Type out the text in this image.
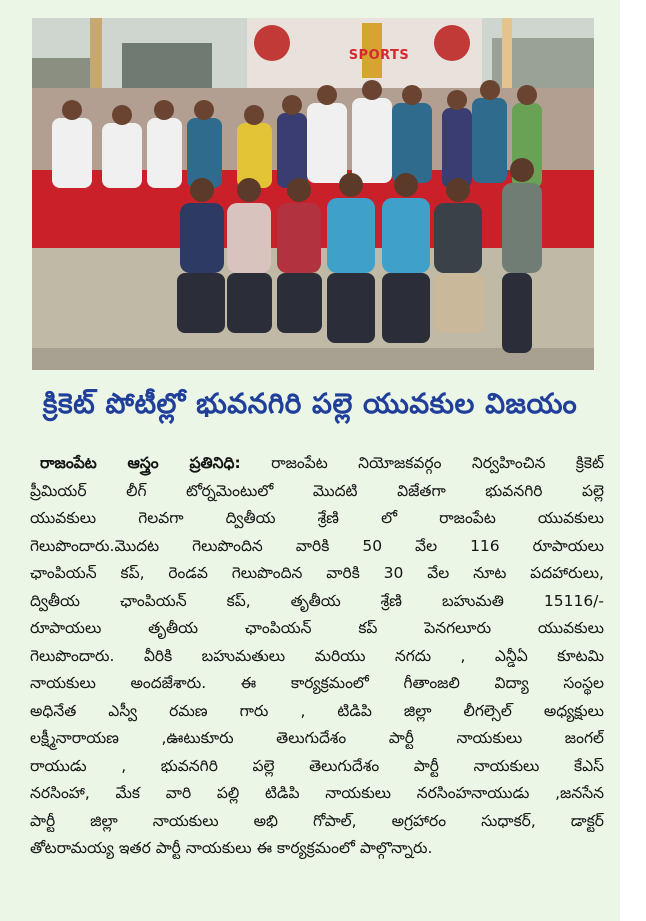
SPORTS
క్రికెట్ పోటీల్లో భువనగిరి పల్లె యువకుల విజయం
రాజంపేట ఆస్త్రం ప్రతినిధి: రాజంపేట నియోజకవర్గం నిర్వహించిన క్రికెట్
ప్రీమియర్ లీగ్ టోర్నమెంటులో మొదటి విజేతగా భువనగిరి పల్లె
యువకులు గెలవగా ద్వితీయ శ్రేణి లో రాజంపేట యువకులు
గెలుపొందారు.మొదట గెలుపొందిన వారికి 50 వేల 116 రూపాయలు
ఛాంపియన్ కప్, రెండవ గెలుపొందిన వారికి 30 వేల నూట పదహారులు,
ద్వితీయ ఛాంపియన్ కప్, తృతీయ శ్రేణి బహుమతి 15116/-
రూపాయలు తృతీయ ఛాంపియన్ కప్ పెనగలూరు యువకులు
గెలుపొందారు. వీరికి బహుమతులు మరియు నగదు , ఎన్డీఏ కూటమి
నాయకులు అందజేశారు. ఈ కార్యక్రమంలో గీతాంజలి విద్యా సంస్థల
అధినేత ఎస్వీ రమణ గారు , టిడిపి జిల్లా లీగల్సెల్ అధ్యక్షులు
లక్ష్మీనారాయణ ,ఊటుకూరు తెలుగుదేశం పార్టీ నాయకులు జంగల్
రాయుడు , భువనగిరి పల్లె తెలుగుదేశం పార్టీ నాయకులు కేఎస్
నరసింహా, మేక వారి పల్లి టిడిపి నాయకులు నరసింహనాయుడు ,జనసేన
పార్టీ జిల్లా నాయకులు అభి గోపాల్, అగ్రహారం సుధాకర్, డాక్టర్
తోటరామయ్య ఇతర పార్టీ నాయకులు ఈ కార్యక్రమంలో పాల్గొన్నారు.
